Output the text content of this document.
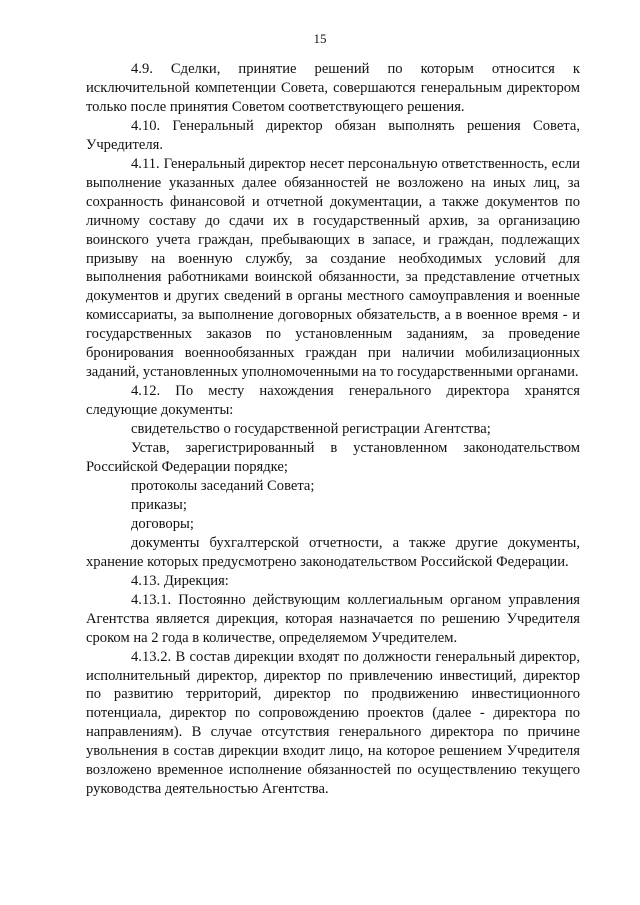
15

4.9. Сделки, принятие решений по которым относится к исключительной компетенции Совета, совершаются генеральным директором только после принятия Советом соответствующего решения.

4.10. Генеральный директор обязан выполнять решения Совета, Учредителя.

4.11. Генеральный директор несет персональную ответственность, если выполнение указанных далее обязанностей не возложено на иных лиц, за сохранность финансовой и отчетной документации, а также документов по личному составу до сдачи их в государственный архив, за организацию воинского учета граждан, пребывающих в запасе, и граждан, подлежащих призыву на военную службу, за создание необходимых условий для выполнения работниками воинской обязанности, за представление отчетных документов и других сведений в органы местного самоуправления и военные комиссариаты, за выполнение договорных обязательств, а в военное время - и государственных заказов по установленным заданиям, за проведение бронирования военнообязанных граждан при наличии мобилизационных заданий, установленных уполномоченными на то государственными органами.

4.12. По месту нахождения генерального директора хранятся следующие документы:

свидетельство о государственной регистрации Агентства;

Устав, зарегистрированный в установленном законодательством Российской Федерации порядке;

протоколы заседаний Совета;

приказы;

договоры;

документы бухгалтерской отчетности, а также другие документы, хранение которых предусмотрено законодательством Российской Федерации.

4.13. Дирекция:

4.13.1. Постоянно действующим коллегиальным органом управления Агентства является дирекция, которая назначается по решению Учредителя сроком на 2 года в количестве, определяемом Учредителем.

4.13.2. В состав дирекции входят по должности генеральный директор, исполнительный директор, директор по привлечению инвестиций, директор по развитию территорий, директор по продвижению инвестиционного потенциала, директор по сопровождению проектов (далее - директора по направлениям). В случае отсутствия генерального директора по причине увольнения в состав дирекции входит лицо, на которое решением Учредителя возложено временное исполнение обязанностей по осуществлению текущего руководства деятельностью Агентства.
